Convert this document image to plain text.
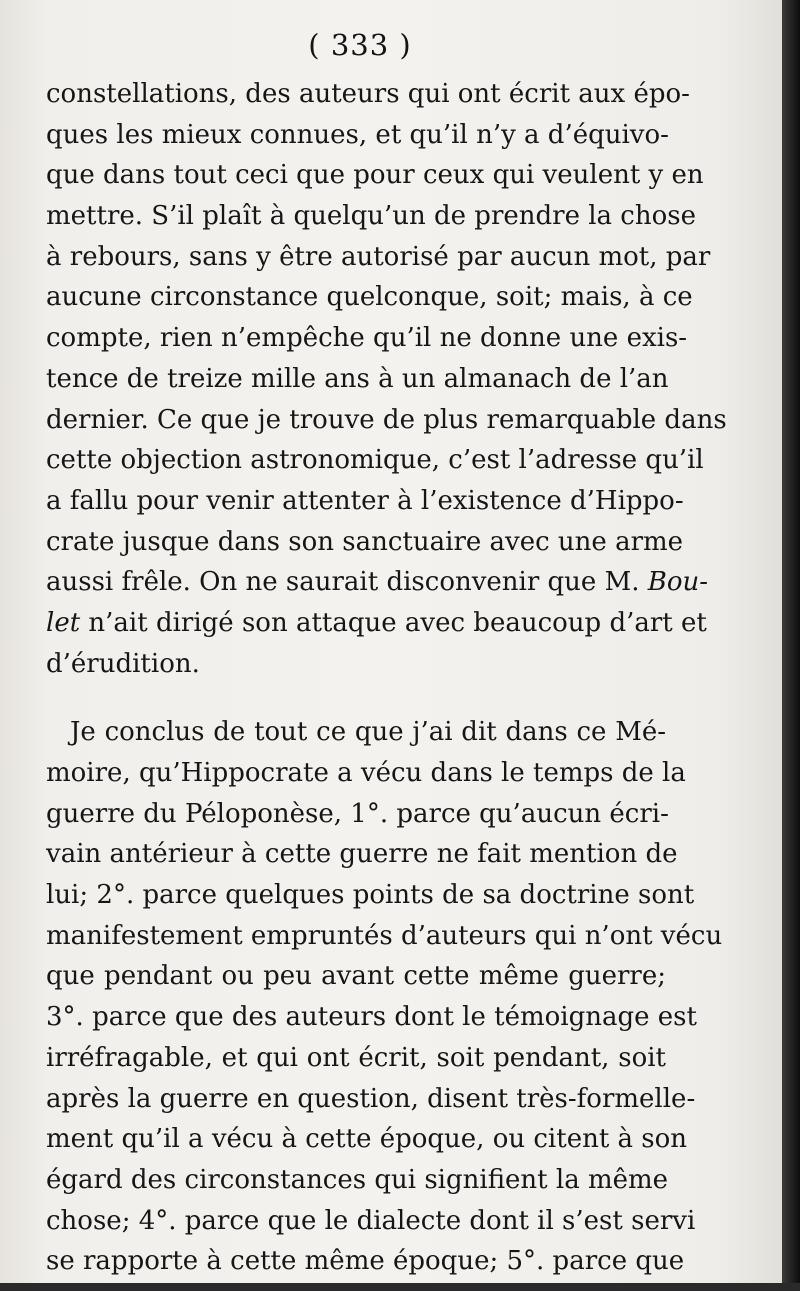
( 333 )
constellations, des auteurs qui ont écrit aux épo-
ques les mieux connues, et qu’il n’y a d’équivo-
que dans tout ceci que pour ceux qui veulent y en
mettre. S’il plaît à quelqu’un de prendre la chose
à rebours, sans y être autorisé par aucun mot, par
aucune circonstance quelconque, soit; mais, à ce
compte, rien n’empêche qu’il ne donne une exis-
tence de treize mille ans à un almanach de l’an
dernier. Ce que je trouve de plus remarquable dans
cette objection astronomique, c’est l’adresse qu’il
a fallu pour venir attenter à l’existence d’Hippo-
crate jusque dans son sanctuaire avec une arme
aussi frêle. On ne saurait disconvenir que M. Bou-
let n’ait dirigé son attaque avec beaucoup d’art et
d’érudition.
Je conclus de tout ce que j’ai dit dans ce Mé-
moire, qu’Hippocrate a vécu dans le temps de la
guerre du Péloponèse, 1°. parce qu’aucun écri-
vain antérieur à cette guerre ne fait mention de
lui; 2°. parce quelques points de sa doctrine sont
manifestement empruntés d’auteurs qui n’ont vécu
que pendant ou peu avant cette même guerre;
3°. parce que des auteurs dont le témoignage est
irréfragable, et qui ont écrit, soit pendant, soit
après la guerre en question, disent très-formelle-
ment qu’il a vécu à cette époque, ou citent à son
égard des circonstances qui signifient la même
chose; 4°. parce que le dialecte dont il s’est servi
se rapporte à cette même époque; 5°. parce que
